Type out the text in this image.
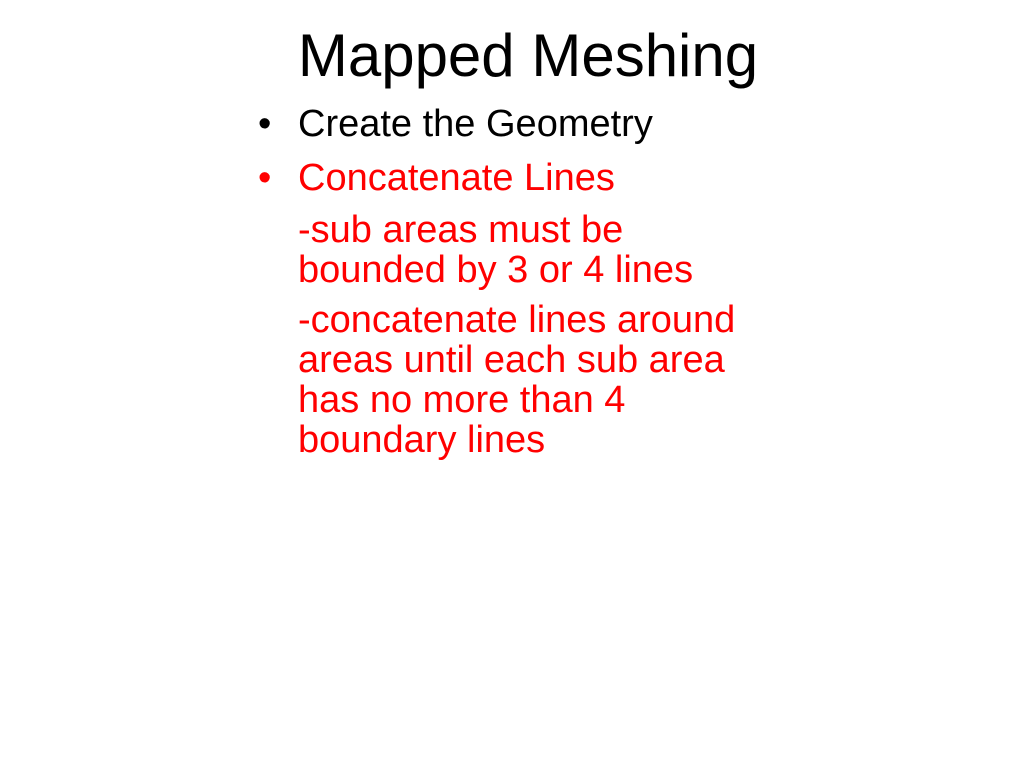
Mapped Meshing
• Create the Geometry
• Concatenate Lines
-sub areas must be bounded by 3 or 4 lines
-concatenate lines around areas until each sub area has no more than 4 boundary lines
